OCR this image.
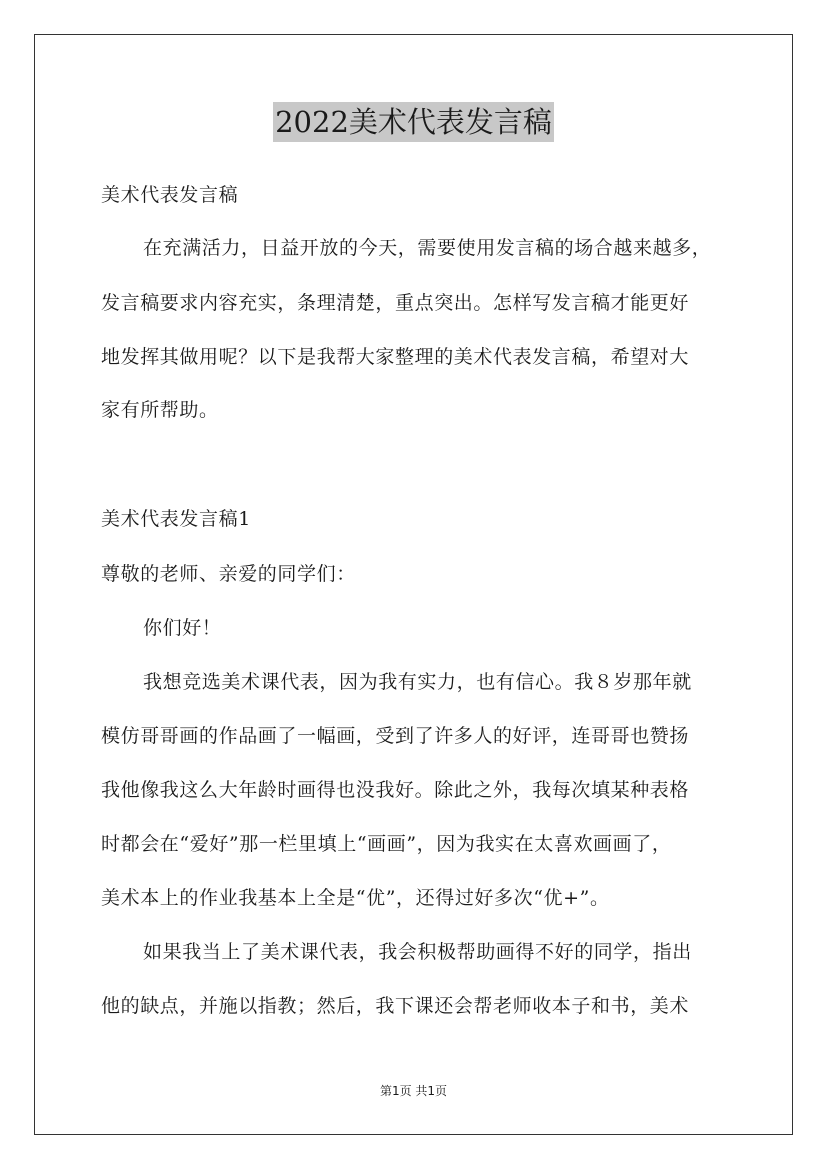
2022美术代表发言稿
美术代表发言稿
在充满活力，日益开放的今天，需要使用发言稿的场合越来越多，
发言稿要求内容充实，条理清楚，重点突出。怎样写发言稿才能更好
地发挥其做用呢？以下是我帮大家整理的美术代表发言稿，希望对大
家有所帮助。
美术代表发言稿1
尊敬的老师、亲爱的同学们：
你们好！
我想竞选美术课代表，因为我有实力，也有信心。我８岁那年就
模仿哥哥画的作品画了一幅画，受到了许多人的好评，连哥哥也赞扬
我他像我这么大年龄时画得也没我好。除此之外，我每次填某种表格
时都会在“爱好”那一栏里填上“画画”，因为我实在太喜欢画画了，
美术本上的作业我基本上全是“优”，还得过好多次“优+”。
如果我当上了美术课代表，我会积极帮助画得不好的同学，指出
他的缺点，并施以指教；然后，我下课还会帮老师收本子和书，美术
第1页 共1页
